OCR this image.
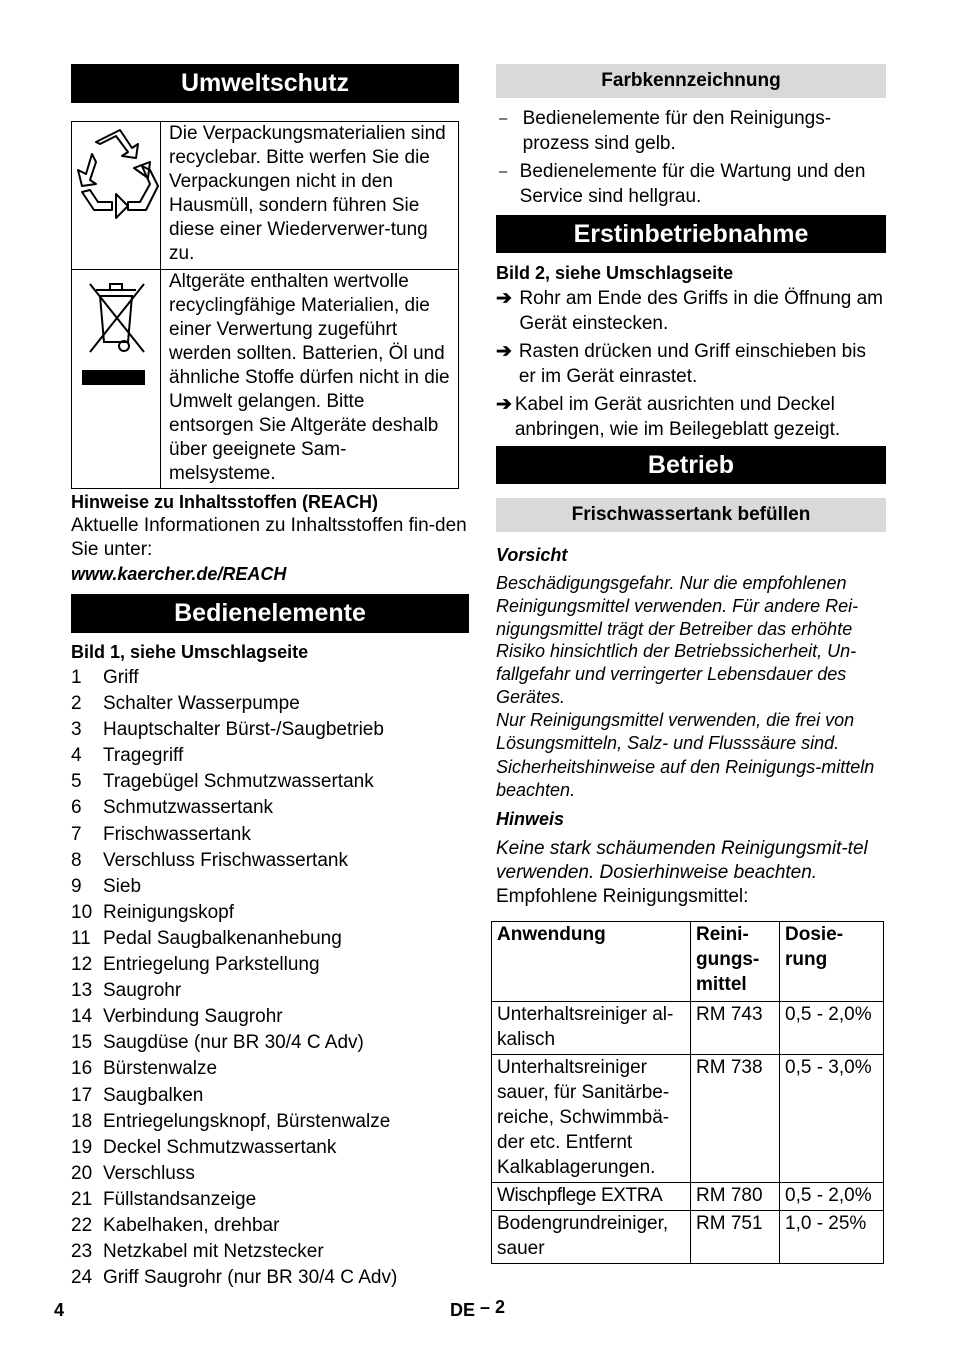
Umweltschutz
	Die Verpackungsmaterialien sind recyclebar. Bitte werfen Sie die Verpackungen nicht in den Hausmüll, sondern führen Sie diese einer Wiederverwer-tung zu.
	Altgeräte enthalten wertvolle recyclingfähige Materialien, die einer Verwertung zugeführt werden sollten. Batterien, Öl und ähnliche Stoffe dürfen nicht in die Umwelt gelangen. Bitte entsorgen Sie Altgeräte deshalb über geeignete Sam-melsysteme.
Hinweise zu Inhaltsstoffen (REACH)
Aktuelle Informationen zu Inhaltsstoffen fin-den Sie unter:
www.kaercher.de/REACH
Bedienelemente
Bild 1, siehe Umschlagseite
1	Griff
2	Schalter Wasserpumpe
3	Hauptschalter Bürst-/Saugbetrieb
4	Tragegriff
5	Tragebügel Schmutzwassertank
6	Schmutzwassertank
7	Frischwassertank
8	Verschluss Frischwassertank
9	Sieb
10 Reinigungskopf
11 Pedal Saugbalkenanhebung
12 Entriegelung Parkstellung
13 Saugrohr
14 Verbindung Saugrohr
15 Saugdüse (nur BR 30/4 C Adv)
16 Bürstenwalze
17 Saugbalken
18 Entriegelungsknopf, Bürstenwalze
19 Deckel Schmutzwassertank
20 Verschluss
21 Füllstandsanzeige
22 Kabelhaken, drehbar
23 Netzkabel mit Netzstecker
24 Griff Saugrohr (nur BR 30/4 C Adv)
Farbkennzeichnung
– Bedienelemente für den Reinigungs-prozess sind gelb.
– Bedienelemente für die Wartung und den Service sind hellgrau.
Erstinbetriebnahme
Bild 2, siehe Umschlagseite
➔ Rohr am Ende des Griffs in die Öffnung am Gerät einstecken.
➔ Rasten drücken und Griff einschieben bis er im Gerät einrastet.
➔ Kabel im Gerät ausrichten und Deckel anbringen, wie im Beilegeblatt gezeigt.
Betrieb
Frischwassertank befüllen
Vorsicht
Beschädigungsgefahr. Nur die empfohlenen Reinigungsmittel verwenden. Für andere Rei-nigungsmittel trägt der Betreiber das erhöhte Risiko hinsichtlich der Betriebssicherheit, Un-fallgefahr und verringerter Lebensdauer des Gerätes.
Nur Reinigungsmittel verwenden, die frei von Lösungsmitteln, Salz- und Flusssäure sind. Sicherheitshinweise auf den Reinigungs-mitteln beachten.
Hinweis
Keine stark schäumenden Reinigungsmit-tel verwenden. Dosierhinweise beachten.
Empfohlene Reinigungsmittel:
Anwendung	Reini-gungs-mittel	Dosie-rung
Unterhaltsreiniger al-kalisch	RM 743	0,5 - 2,0%
Unterhaltsreiniger sauer, für Sanitärbe-reiche, Schwimmbä-der etc. Entfernt Kalkablagerungen.	RM 738	0,5 - 3,0%
Wischpflege EXTRA	RM 780	0,5 - 2,0%
Bodengrundreiniger, sauer	RM 751	1,0 - 25%
4	DE – 2
